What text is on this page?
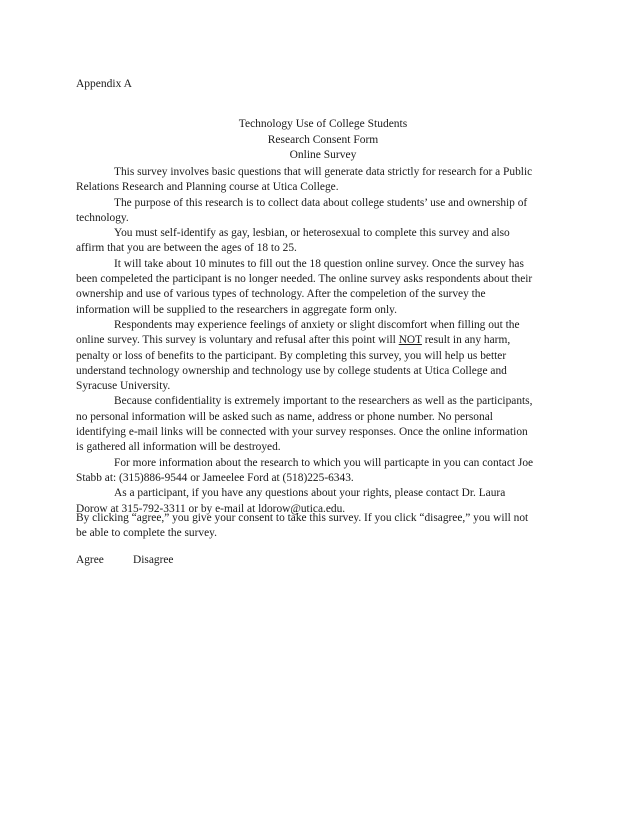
Appendix A
Technology Use of College Students
Research Consent Form
Online Survey
This survey involves basic questions that will generate data strictly for research for a Public
Relations Research and Planning course at Utica College.
The purpose of this research is to collect data about college students’ use and ownership of
technology.
You must self-identify as gay, lesbian, or heterosexual to complete this survey and also
affirm that you are between the ages of 18 to 25.
It will take about 10 minutes to fill out the 18 question online survey. Once the survey has
been compeleted the participant is no longer needed. The online survey asks respondents about their
ownership and use of various types of technology. After the compeletion of the survey the
information will be supplied to the researchers in aggregate form only.
Respondents may experience feelings of anxiety or slight discomfort when filling out the
online survey. This survey is voluntary and refusal after this point will NOT result in any harm,
penalty or loss of benefits to the participant. By completing this survey, you will help us better
understand technology ownership and technology use by college students at Utica College and
Syracuse University.
Because confidentiality is extremely important to the researchers as well as the participants,
no personal information will be asked such as name, address or phone number. No personal
identifying e-mail links will be connected with your survey responses. Once the online information
is gathered all information will be destroyed.
For more information about the research to which you will particapte in you can contact Joe
Stabb at: (315)886-9544 or Jameelee Ford at (518)225-6343.
As a participant, if you have any questions about your rights, please contact Dr. Laura
Dorow at 315-792-3311 or by e-mail at ldorow@utica.edu.
By clicking “agree,” you give your consent to take this survey. If you click “disagree,” you will not
be able to complete the survey.
Agree	Disagree
